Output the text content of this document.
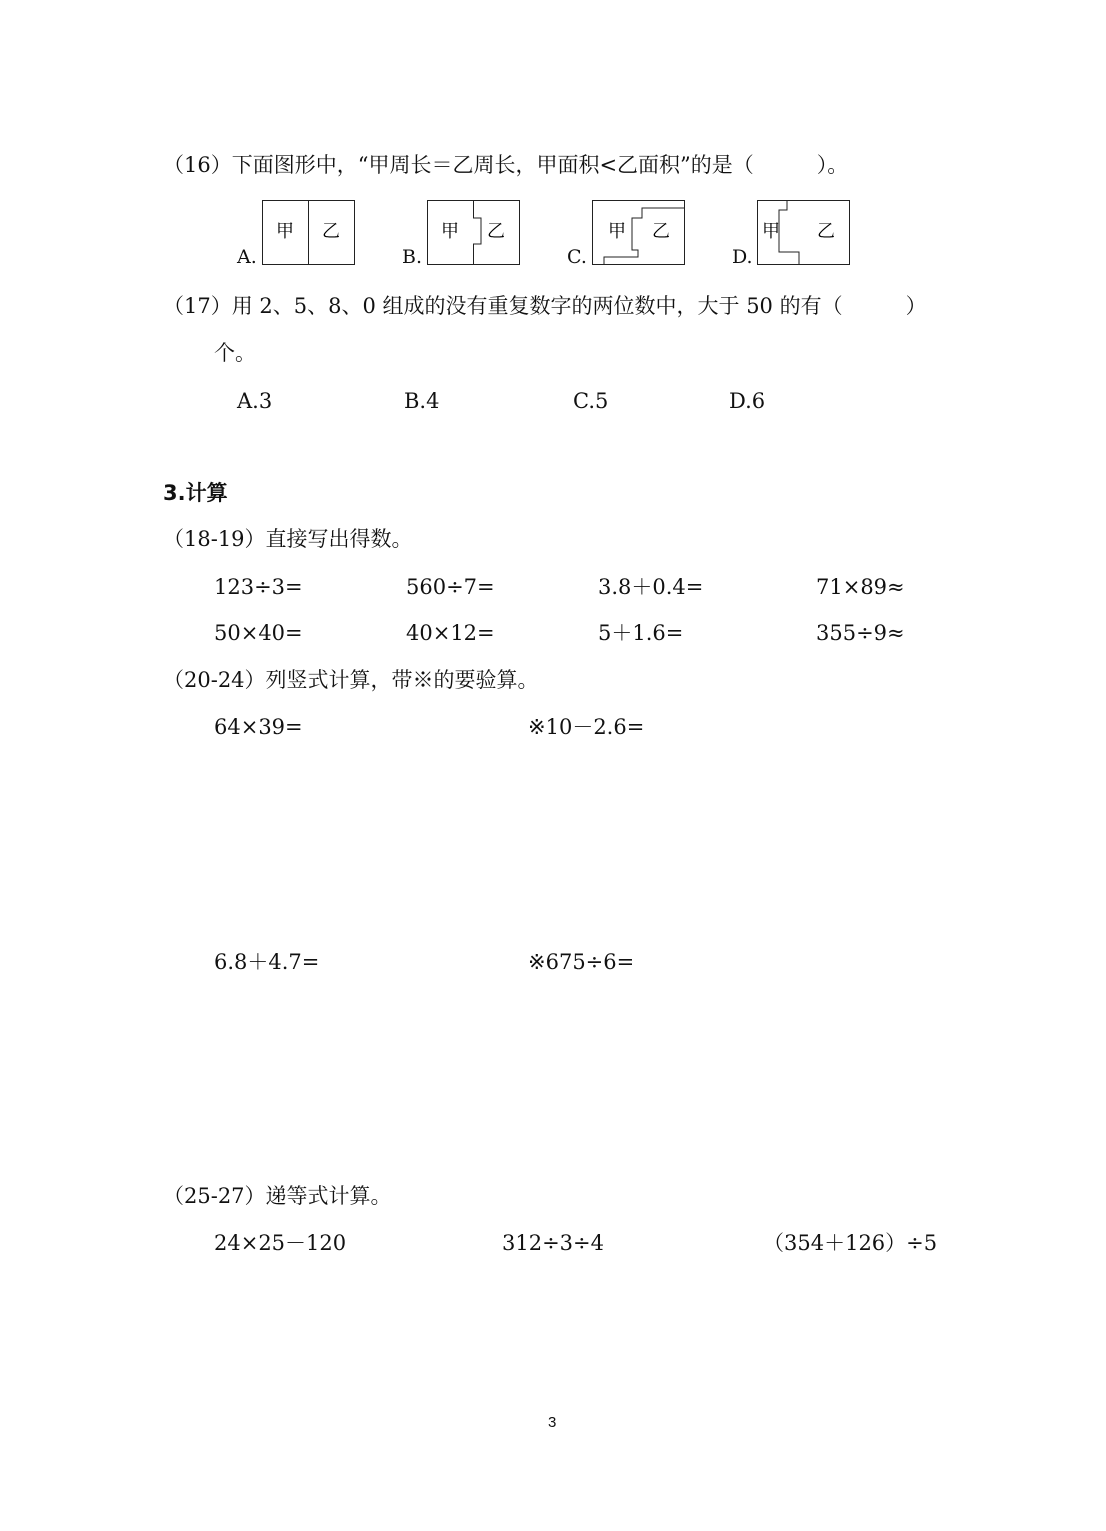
（16）下面图形中，“甲周长＝乙周长，甲面积<乙面积”的是（　　　）。
A.
甲 乙
B.
甲 乙
C.
甲 乙
D.
甲 乙
（17）用 2、5、8、0 组成的没有重复数字的两位数中，大于 50 的有（　　　）
个。
A.3	B.4	C.5	D.6
3.计算
（18-19）直接写出得数。
123÷3=	560÷7=	3.8＋0.4=	71×89≈
50×40=	40×12=	5＋1.6=	355÷9≈
（20-24）列竖式计算，带※的要验算。
64×39=	※10－2.6=
6.8＋4.7=	※675÷6=
（25-27）递等式计算。
24×25－120	312÷3÷4	（354＋126）÷5
3
